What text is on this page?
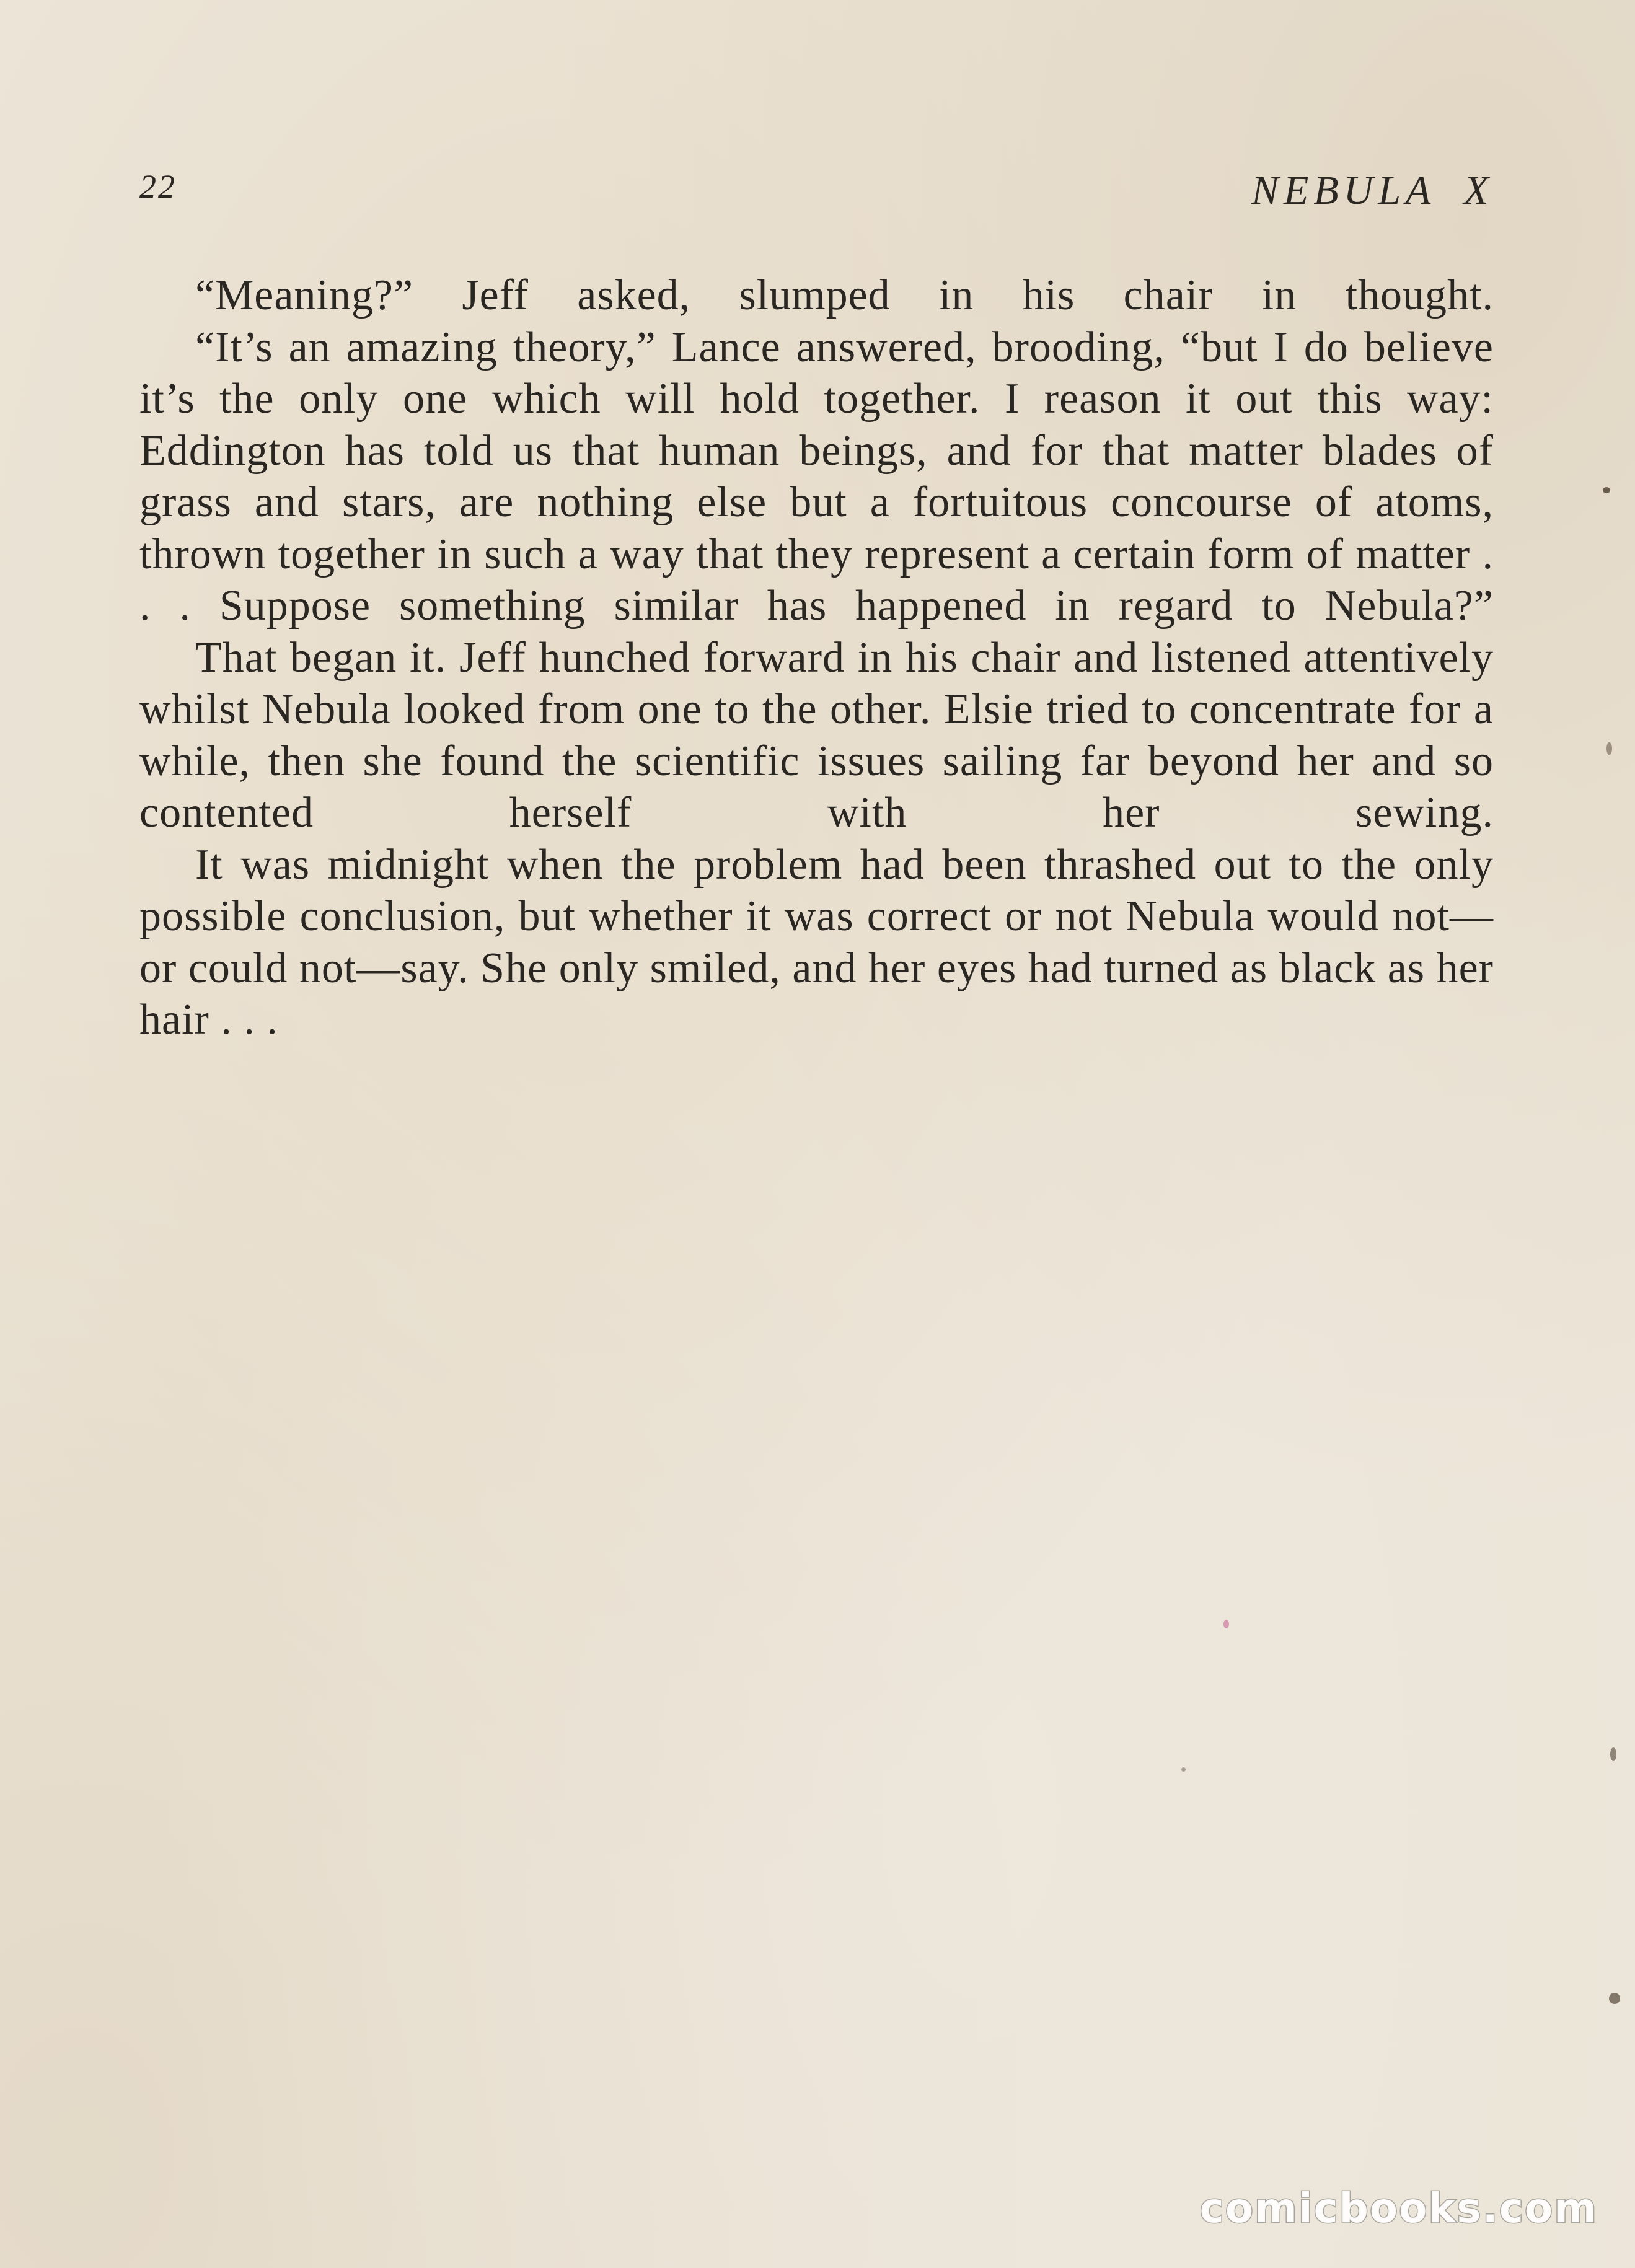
22	NEBULA X

“Meaning?” Jeff asked, slumped in his chair in thought.

“It’s an amazing theory,” Lance answered, brooding, “but I do believe it’s the only one which will hold together. I reason it out this way: Eddington has told us that human beings, and for that matter blades of grass and stars, are nothing else but a fortuitous concourse of atoms, thrown together in such a way that they represent a certain form of matter . . . Suppose something similar has happened in regard to Nebula?”

That began it. Jeff hunched forward in his chair and listened attentively whilst Nebula looked from one to the other. Elsie tried to concentrate for a while, then she found the scientific issues sailing far beyond her and so contented herself with her sewing.

It was midnight when the problem had been thrashed out to the only possible conclusion, but whether it was correct or not Nebula would not—or could not—say. She only smiled, and her eyes had turned as black as her hair . . .

comicbooks.com
